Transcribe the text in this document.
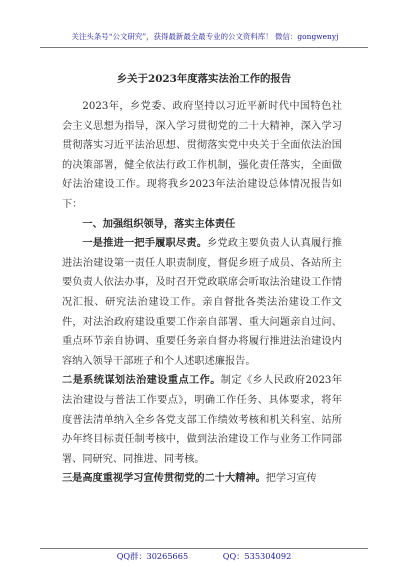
关注头条号“公文研究”，获得最新最全最专业的公文资料库！ 微信：gongwenyj
乡关于2023年度落实法治工作的报告

2023年，乡党委、政府坚持以习近平新时代中国特色社会主义思想为指导，深入学习贯彻党的二十大精神，深入学习贯彻落实习近平法治思想、贯彻落实党中央关于全面依法治国的决策部署，健全依法行政工作机制，强化责任落实，全面做好法治建设工作。现将我乡2023年法治建设总体情况报告如下：

一、加强组织领导，落实主体责任

一是推进一把手履职尽责。乡党政主要负责人认真履行推进法治建设第一责任人职责制度，督促乡班子成员、各站所主要负责人依法办事，及时召开党政联席会听取法治建设工作情况汇报、研究法治建设工作。亲自督批各类法治建设工作文件，对法治政府建设重要工作亲自部署、重大问题亲自过问、重点环节亲自协调、重要任务亲自督办将履行推进法治建设内容纳入领导干部班子和个人述职述廉报告。

二是系统谋划法治建设重点工作。制定《乡人民政府2023年法治建设与普法工作要点》，明确工作任务、具体要求，将年度普法清单纳入全乡各党支部工作绩效考核和机关科室、站所办年终目标责任制考核中，做到法治建设工作与业务工作同部署、同研究、同推进、同考核。

三是高度重视学习宣传贯彻党的二十大精神。把学习宣传

QQ群：30265665	QQ：535304092
